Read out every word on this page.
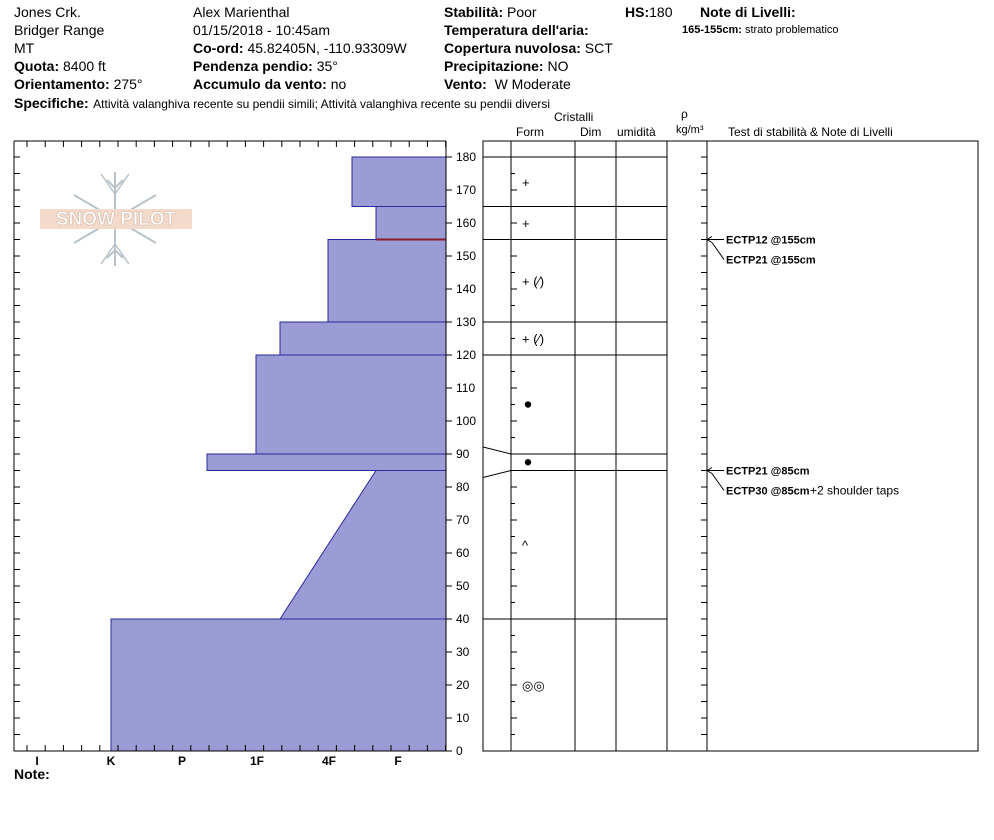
Jones Crk.
Bridger Range
MT
Quota: 8400 ft
Orientamento: 275°
Alex Marienthal
01/15/2018 - 10:45am
Co-ord: 45.82405N, -110.93309W
Pendenza pendio: 35°
Accumulo da vento: no
Stabilità: Poor
Temperatura dell'aria:
Copertura nuvolosa: SCT
Precipitazione: NO
Vento: W Moderate
HS:180 Note di Livelli:
165-155cm: strato problematico
Specifiche: Attività valanghiva recente su pendii simili; Attività valanghiva recente su pendii diversi
Cristalli
Form	Dim umidità
ρ
kg/m³ Test di stabilità & Note di Livelli
Note:
SNOW PILOT
I	K	P	1F	4F	F
0
10
20
30
40
50
60
70
80
90
100
110
120
130
140
150
160
170
180
+
+
+ (⁄)
+ (⁄)
^
◎◎
ECTP12 @155cm
ECTP21 @155cm
ECTP21 @85cm
ECTP30 @85cm +2 shoulder taps
